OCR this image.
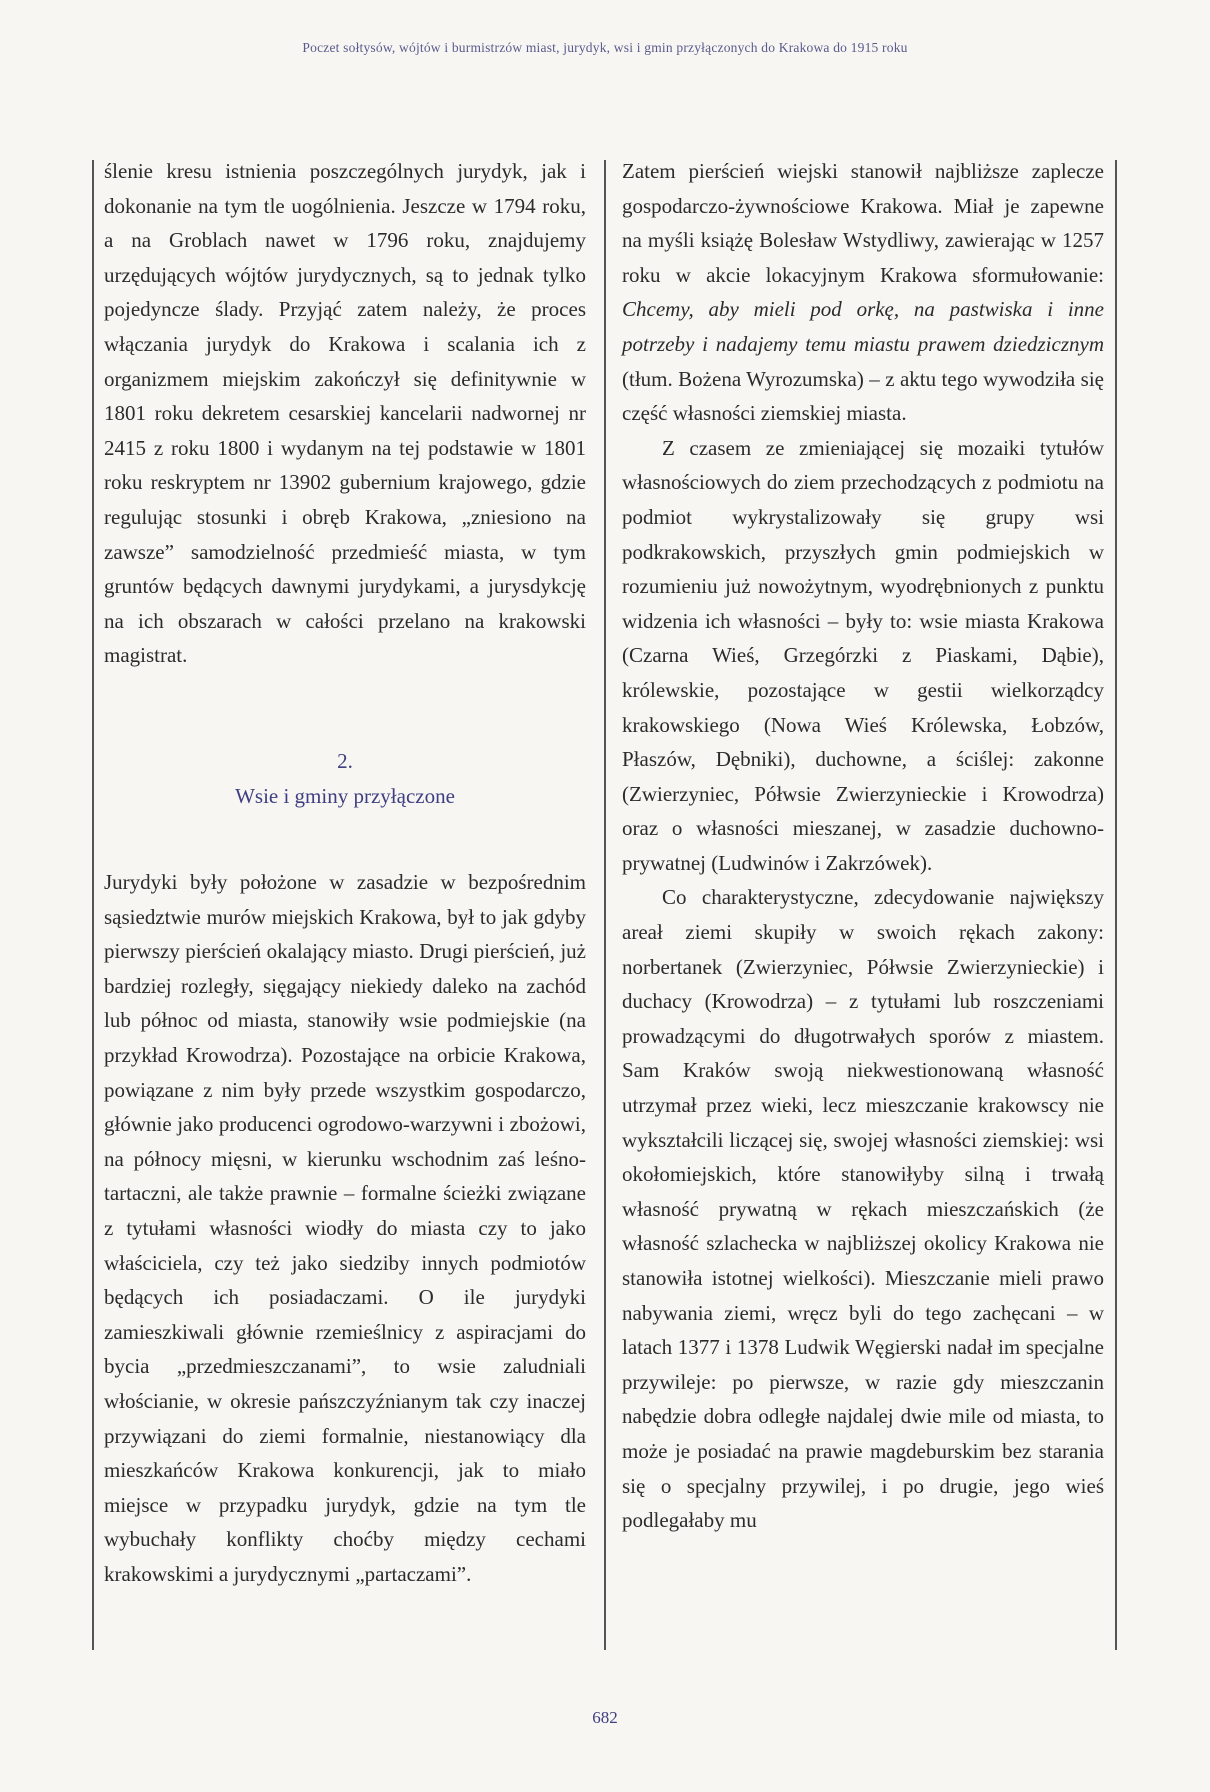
Poczet sołtysów, wójtów i burmistrzów miast, jurydyk, wsi i gmin przyłączonych do Krakowa do 1915 roku

ślenie kresu istnienia poszczególnych jurydyk, jak i dokonanie na tym tle uogólnienia. Jeszcze w 1794 roku, a na Groblach nawet w 1796 roku, znajdujemy urzędujących wójtów jurydycznych, są to jednak tylko pojedyncze ślady. Przyjąć zatem należy, że proces włączania jurydyk do Krakowa i scalania ich z organizmem miejskim zakończył się definitywnie w 1801 roku dekretem cesarskiej kancelarii nadwornej nr 2415 z roku 1800 i wydanym na tej podstawie w 1801 roku reskryptem nr 13902 gubernium krajowego, gdzie regulując stosunki i obręb Krakowa, „zniesiono na zawsze” samodzielność przedmieść miasta, w tym gruntów będących dawnymi jurydykami, a jurysdykcję na ich obszarach w całości przelano na krakowski magistrat.

2.

Wsie i gminy przyłączone

Jurydyki były położone w zasadzie w bezpośrednim sąsiedztwie murów miejskich Krakowa, był to jak gdyby pierwszy pierścień okalający miasto. Drugi pierścień, już bardziej rozległy, sięgający niekiedy daleko na zachód lub północ od miasta, stanowiły wsie podmiejskie (na przykład Krowodrza). Pozostające na orbicie Krakowa, powiązane z nim były przede wszystkim gospodarczo, głównie jako producenci ogrodowo-warzywni i zbożowi, na północy mięsni, w kierunku wschodnim zaś leśno-tartaczni, ale także prawnie – formalne ścieżki związane z tytułami własności wiodły do miasta czy to jako właściciela, czy też jako siedziby innych podmiotów będących ich posiadaczami. O ile jurydyki zamieszkiwali głównie rzemieślnicy z aspiracjami do bycia „przedmieszczanami”, to wsie zaludniali włościanie, w okresie pańszczyźnianym tak czy inaczej przywiązani do ziemi formalnie, niestanowiący dla mieszkańców Krakowa konkurencji, jak to miało miejsce w przypadku jurydyk, gdzie na tym tle wybuchały konflikty choćby między cechami krakowskimi a jurydycznymi „partaczami”.

Zatem pierścień wiejski stanowił najbliższe zaplecze gospodarczo-żywnościowe Krakowa. Miał je zapewne na myśli książę Bolesław Wstydliwy, zawierając w 1257 roku w akcie lokacyjnym Krakowa sformułowanie: Chcemy, aby mieli pod orkę, na pastwiska i inne potrzeby i nadajemy temu miastu prawem dziedzicznym (tłum. Bożena Wyrozumska) – z aktu tego wywodziła się część własności ziemskiej miasta.

Z czasem ze zmieniającej się mozaiki tytułów własnościowych do ziem przechodzących z podmiotu na podmiot wykrystalizowały się grupy wsi podkrakowskich, przyszłych gmin podmiejskich w rozumieniu już nowożytnym, wyodrębnionych z punktu widzenia ich własności – były to: wsie miasta Krakowa (Czarna Wieś, Grzegórzki z Piaskami, Dąbie), królewskie, pozostające w gestii wielkorządcy krakowskiego (Nowa Wieś Królewska, Łobzów, Płaszów, Dębniki), duchowne, a ściślej: zakonne (Zwierzyniec, Półwsie Zwierzynieckie i Krowodrza) oraz o własności mieszanej, w zasadzie duchowno-prywatnej (Ludwinów i Zakrzówek).

Co charakterystyczne, zdecydowanie największy areał ziemi skupiły w swoich rękach zakony: norbertanek (Zwierzyniec, Półwsie Zwierzynieckie) i duchacy (Krowodrza) – z tytułami lub roszczeniami prowadzącymi do długotrwałych sporów z miastem. Sam Kraków swoją niekwestionowaną własność utrzymał przez wieki, lecz mieszczanie krakowscy nie wykształcili liczącej się, swojej własności ziemskiej: wsi okołomiejskich, które stanowiłyby silną i trwałą własność prywatną w rękach mieszczańskich (że własność szlachecka w najbliższej okolicy Krakowa nie stanowiła istotnej wielkości). Mieszczanie mieli prawo nabywania ziemi, wręcz byli do tego zachęcani – w latach 1377 i 1378 Ludwik Węgierski nadał im specjalne przywileje: po pierwsze, w razie gdy mieszczanin nabędzie dobra odległe najdalej dwie mile od miasta, to może je posiadać na prawie magdeburskim bez starania się o specjalny przywilej, i po drugie, jego wieś podlegałaby mu

682
